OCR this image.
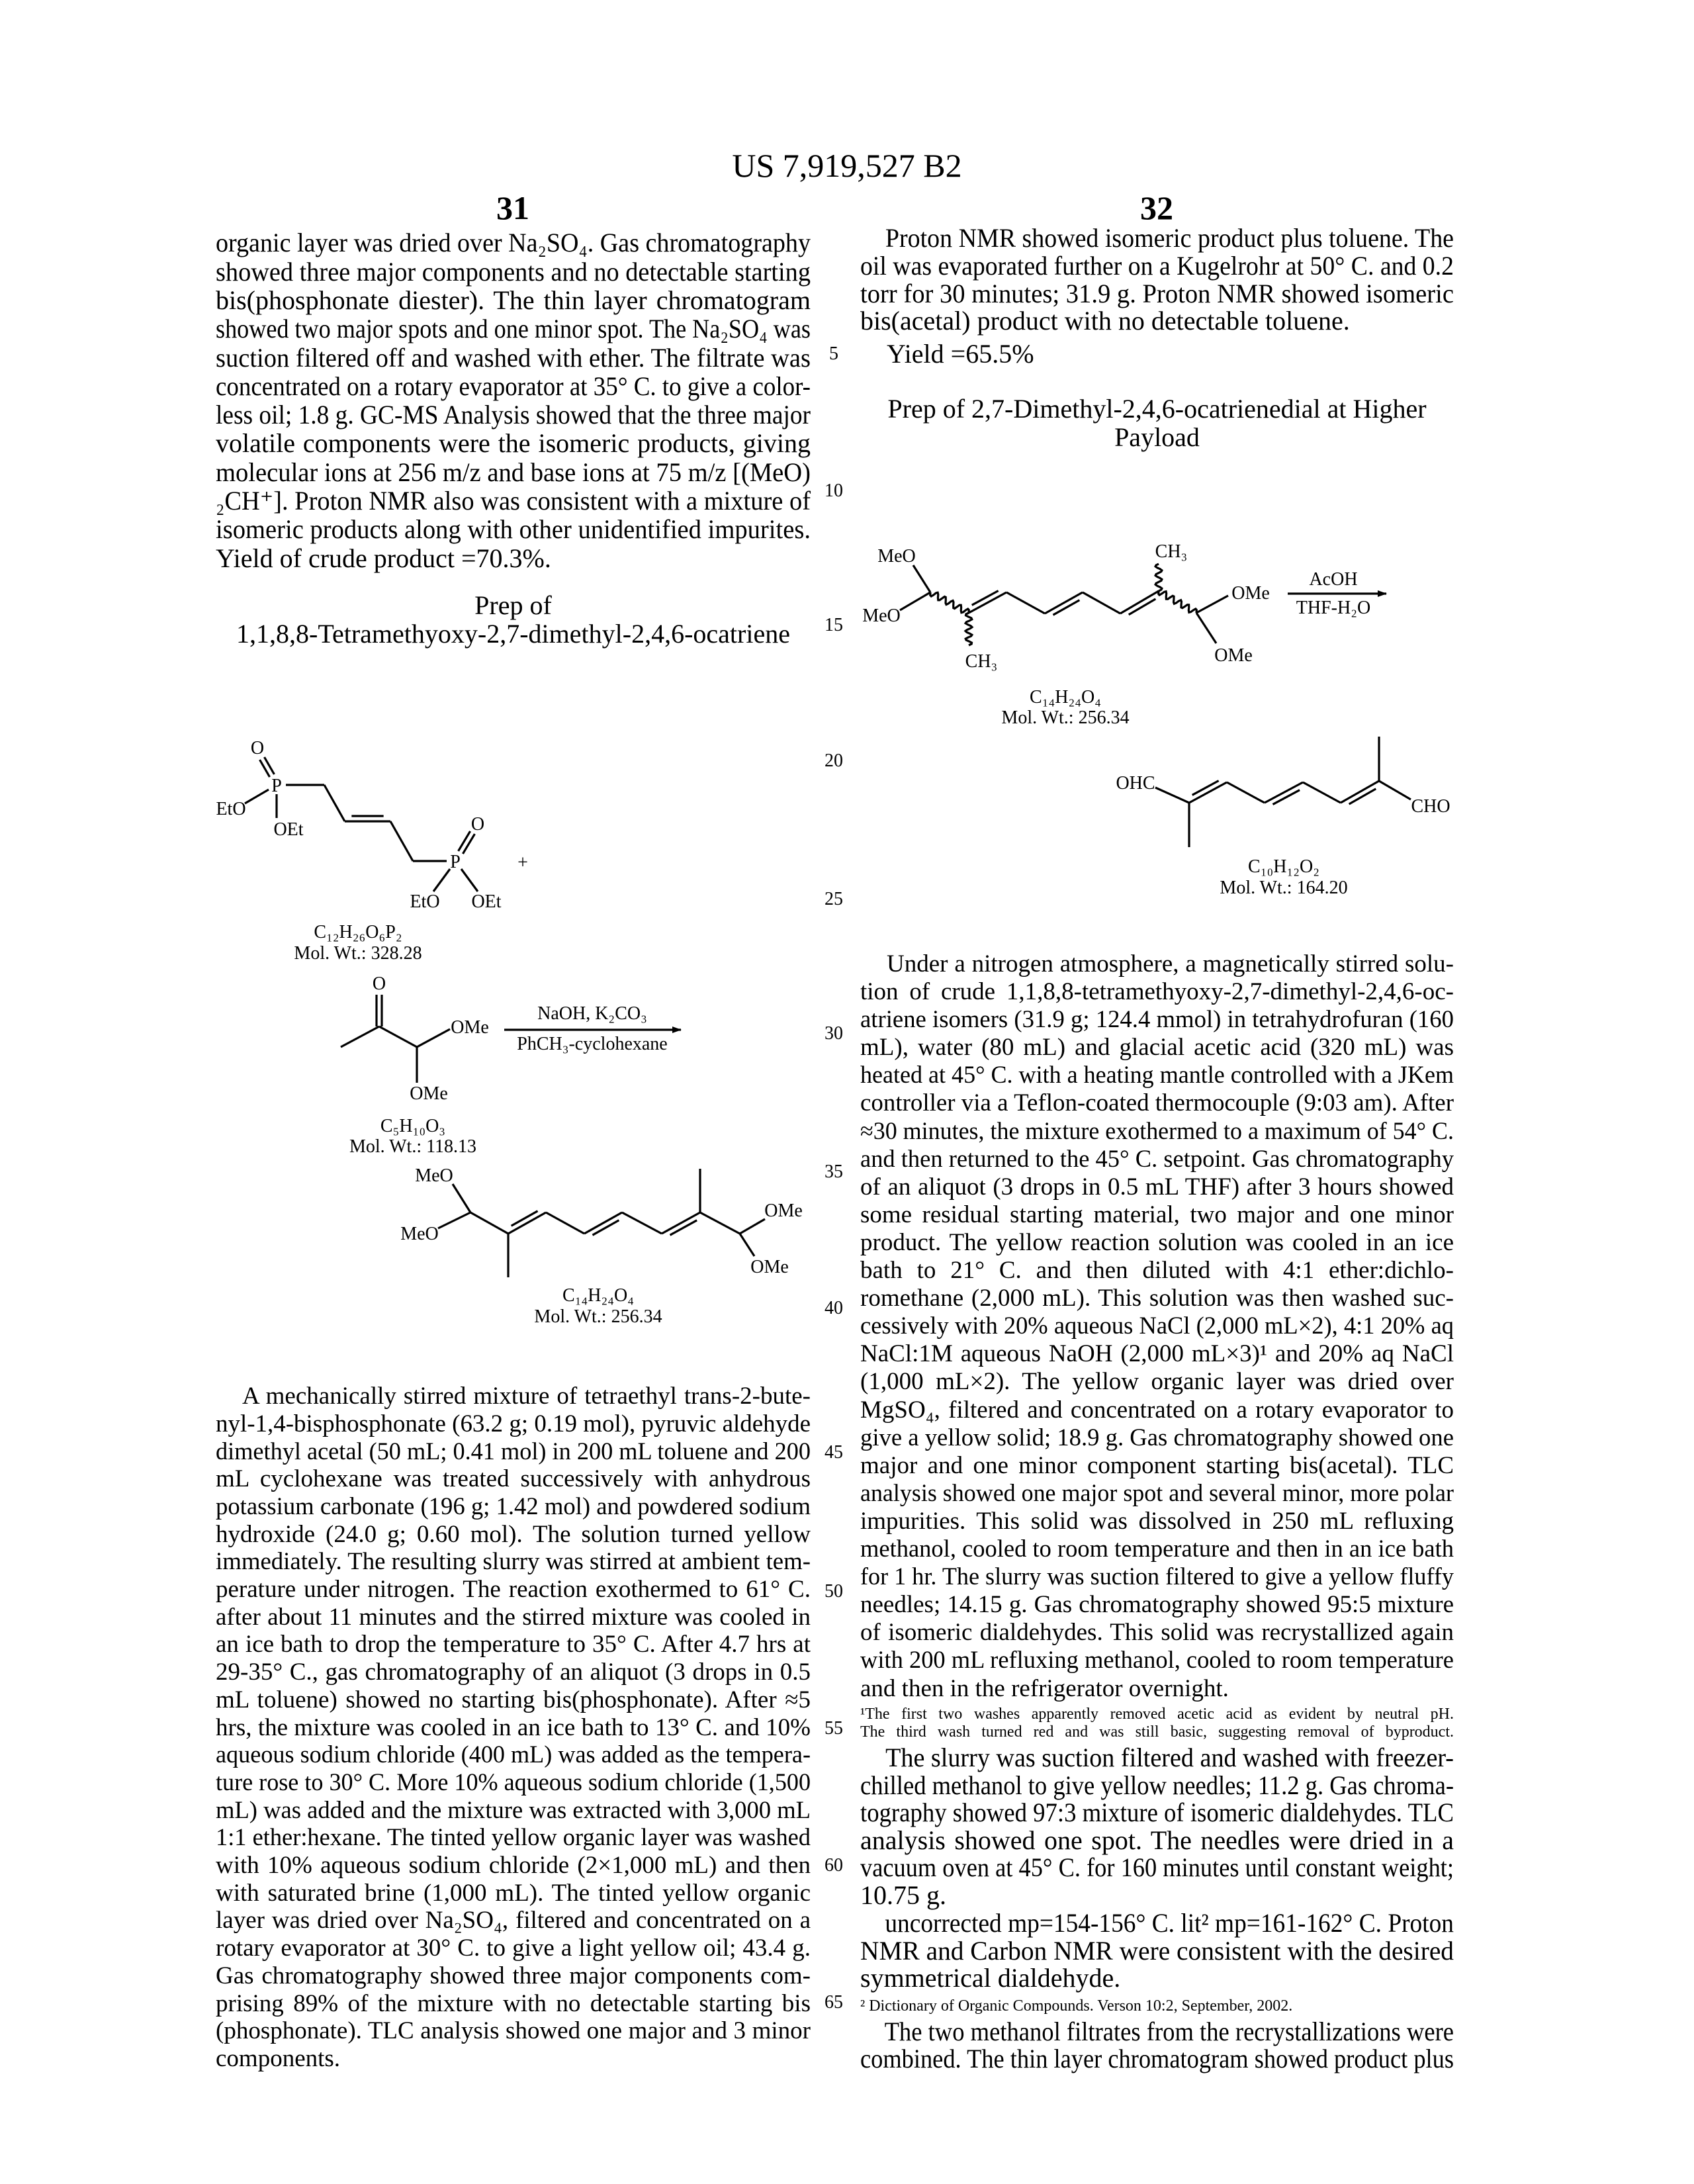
US 7,919,527 B2
31	32
Prep of
1,1,8,8-Tetramethyoxy-2,7-dimethyl-2,4,6-ocatriene
Prep of 2,7-Dimethyl-2,4,6-ocatrienedial at Higher
Payload
organic layer was dried over Na₂SO₄. Gas chromatography
showed three major components and no detectable starting
bis(phosphonate diester). The thin layer chromatogram
showed two major spots and one minor spot. The Na₂SO₄ was
suction filtered off and washed with ether. The filtrate was
concentrated on a rotary evaporator at 35° C. to give a color-
less oil; 1.8 g. GC-MS Analysis showed that the three major
volatile components were the isomeric products, giving
molecular ions at 256 m/z and base ions at 75 m/z [(MeO)
₂CH⁺]. Proton NMR also was consistent with a mixture of
isomeric products along with other unidentified impurites.
Yield of crude product =70.3%.
A mechanically stirred mixture of tetraethyl trans-2-bute-
nyl-1,4-bisphosphonate (63.2 g; 0.19 mol), pyruvic aldehyde
dimethyl acetal (50 mL; 0.41 mol) in 200 mL toluene and 200
mL cyclohexane was treated successively with anhydrous
potassium carbonate (196 g; 1.42 mol) and powdered sodium
hydroxide (24.0 g; 0.60 mol). The solution turned yellow
immediately. The resulting slurry was stirred at ambient tem-
perature under nitrogen. The reaction exothermed to 61° C.
after about 11 minutes and the stirred mixture was cooled in
an ice bath to drop the temperature to 35° C. After 4.7 hrs at
29-35° C., gas chromatography of an aliquot (3 drops in 0.5
mL toluene) showed no starting bis(phosphonate). After ≈5
hrs, the mixture was cooled in an ice bath to 13° C. and 10%
aqueous sodium chloride (400 mL) was added as the tempera-
ture rose to 30° C. More 10% aqueous sodium chloride (1,500
mL) was added and the mixture was extracted with 3,000 mL
1:1 ether:hexane. The tinted yellow organic layer was washed
with 10% aqueous sodium chloride (2×1,000 mL) and then
with saturated brine (1,000 mL). The tinted yellow organic
layer was dried over Na₂SO₄, filtered and concentrated on a
rotary evaporator at 30° C. to give a light yellow oil; 43.4 g.
Gas chromatography showed three major components com-
prising 89% of the mixture with no detectable starting bis
(phosphonate). TLC analysis showed one major and 3 minor
components.
Proton NMR showed isomeric product plus toluene. The
oil was evaporated further on a Kugelrohr at 50° C. and 0.2
torr for 30 minutes; 31.9 g. Proton NMR showed isomeric
bis(acetal) product with no detectable toluene.
Yield =65.5%
Under a nitrogen atmosphere, a magnetically stirred solu-
tion of crude 1,1,8,8-tetramethyoxy-2,7-dimethyl-2,4,6-oc-
atriene isomers (31.9 g; 124.4 mmol) in tetrahydrofuran (160
mL), water (80 mL) and glacial acetic acid (320 mL) was
heated at 45° C. with a heating mantle controlled with a JKem
controller via a Teflon-coated thermocouple (9:03 am). After
≈30 minutes, the mixture exothermed to a maximum of 54° C.
and then returned to the 45° C. setpoint. Gas chromatography
of an aliquot (3 drops in 0.5 mL THF) after 3 hours showed
some residual starting material, two major and one minor
product. The yellow reaction solution was cooled in an ice
bath to 21° C. and then diluted with 4:1 ether:dichlo-
romethane (2,000 mL). This solution was then washed suc-
cessively with 20% aqueous NaCl (2,000 mL×2), 4:1 20% aq
NaCl:1M aqueous NaOH (2,000 mL×3)¹ and 20% aq NaCl
(1,000 mL×2). The yellow organic layer was dried over
MgSO₄, filtered and concentrated on a rotary evaporator to
give a yellow solid; 18.9 g. Gas chromatography showed one
major and one minor component starting bis(acetal). TLC
analysis showed one major spot and several minor, more polar
impurities. This solid was dissolved in 250 mL refluxing
methanol, cooled to room temperature and then in an ice bath
for 1 hr. The slurry was suction filtered to give a yellow fluffy
needles; 14.15 g. Gas chromatography showed 95:5 mixture
of isomeric dialdehydes. This solid was recrystallized again
with 200 mL refluxing methanol, cooled to room temperature
and then in the refrigerator overnight.
¹The first two washes apparently removed acetic acid as evident by neutral pH.
The third wash turned red and was still basic, suggesting removal of byproduct.
The slurry was suction filtered and washed with freezer-
chilled methanol to give yellow needles; 11.2 g. Gas chroma-
tography showed 97:3 mixture of isomeric dialdehydes. TLC
analysis showed one spot. The needles were dried in a
vacuum oven at 45° C. for 160 minutes until constant weight;
10.75 g.
uncorrected mp=154-156° C. lit² mp=161-162° C. Proton
NMR and Carbon NMR were consistent with the desired
symmetrical dialdehyde.
² Dictionary of Organic Compounds. Verson 10:2, September, 2002.
The two methanol filtrates from the recrystallizations were
combined. The thin layer chromatogram showed product plus
5
10
15
20
25
30
35
40
45
50
55
60
65
O
P
EtO
OEt	O
P
EtO OEt
+
C₁₂H₂₆O₆P₂
Mol. Wt.: 328.28
O
OMe
OMe
C₅H₁₀O₃
Mol. Wt.: 118.13
NaOH, K₂CO₃
PhCH₃-cyclohexane
MeO
MeO
OMe
OMe
C₁₄H₂₄O₄
Mol. Wt.: 256.34
MeO
MeO
CH₃
CH₃
OMe
OMe
C₁₄H₂₄O₄
Mol. Wt.: 256.34
AcOH
THF-H₂O
OHC
CHO
C₁₀H₁₂O₂
Mol. Wt.: 164.20
